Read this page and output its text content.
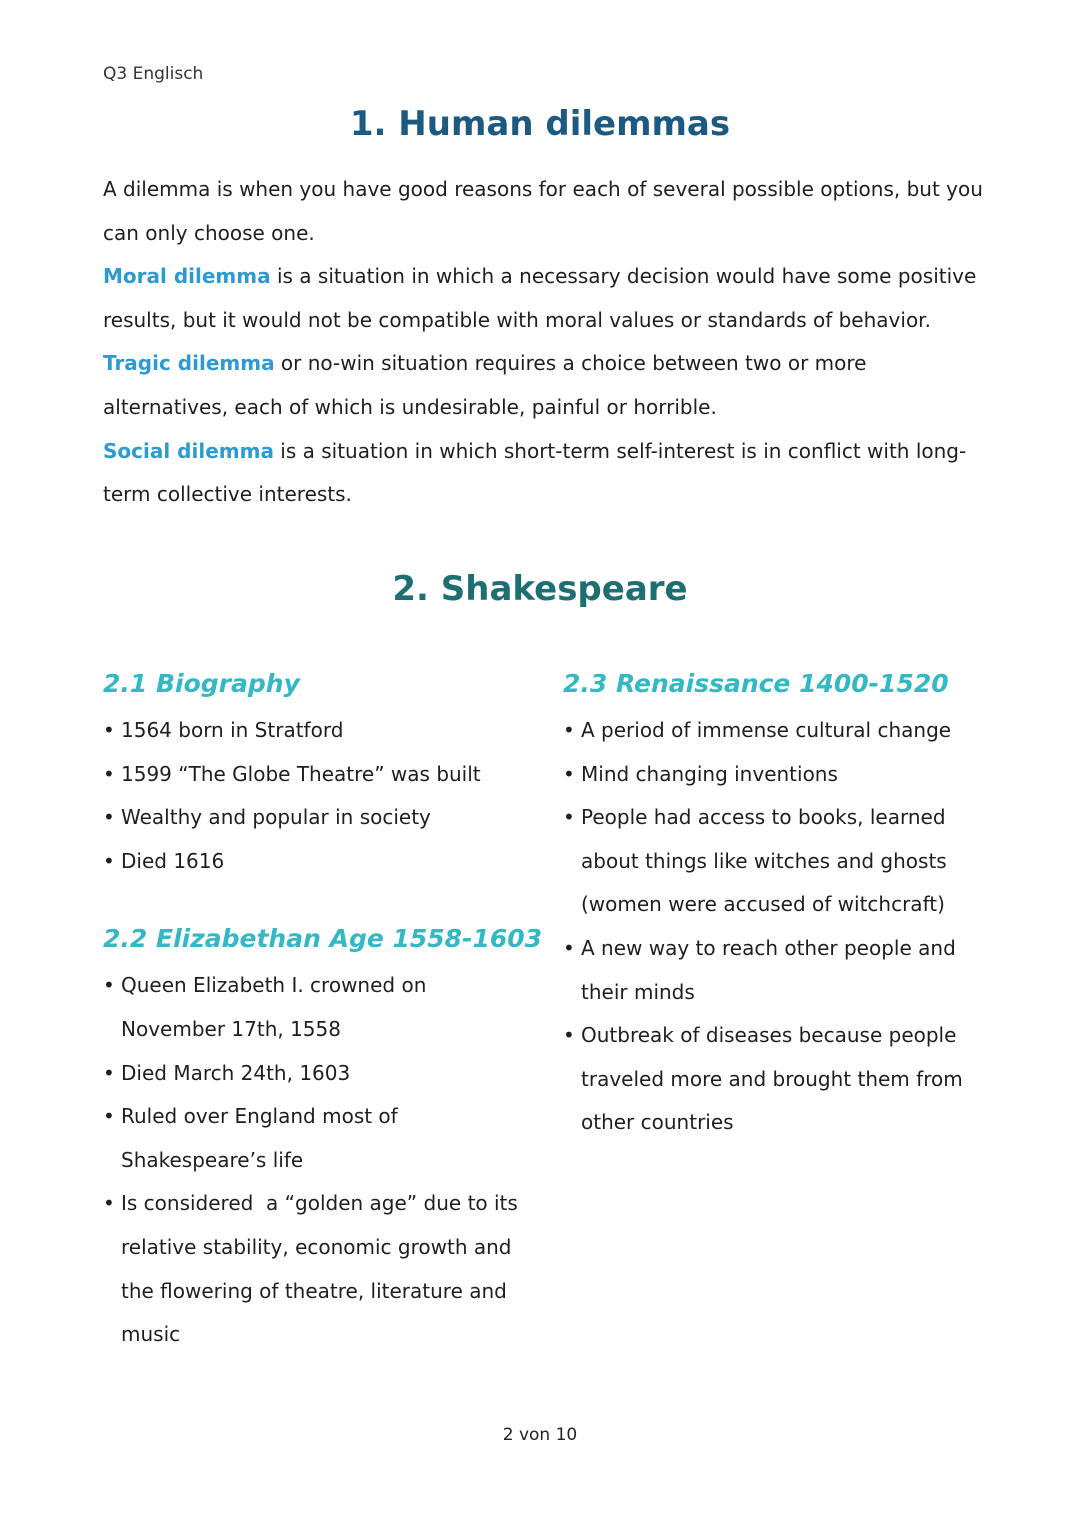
Q3 Englisch
1. Human dilemmas

A dilemma is when you have good reasons for each of several possible options, but you can only choose one.

Moral dilemma is a situation in which a necessary decision would have some positive results, but it would not be compatible with moral values or standards of behavior.

Tragic dilemma or no-win situation requires a choice between two or more alternatives, each of which is undesirable, painful or horrible.

Social dilemma is a situation in which short-term self-interest is in conflict with long-term collective interests.

2. Shakespeare
2.1 Biography
• 1564 born in Stratford
• 1599 “The Globe Theatre” was built
• Wealthy and popular in society
• Died 1616
2.2 Elizabethan Age 1558-1603
• Queen Elizabeth I. crowned on November 17th, 1558
• Died March 24th, 1603
• Ruled over England most of Shakespeare’s life
• Is considered  a “golden age” due to its relative stability, economic growth and the flowering of theatre, literature and music
2.3 Renaissance 1400-1520
• A period of immense cultural change
• Mind changing inventions
• People had access to books, learned about things like witches and ghosts (women were accused of witchcraft)
• A new way to reach other people and their minds
• Outbreak of diseases because people traveled more and brought them from other countries
2 von 10
